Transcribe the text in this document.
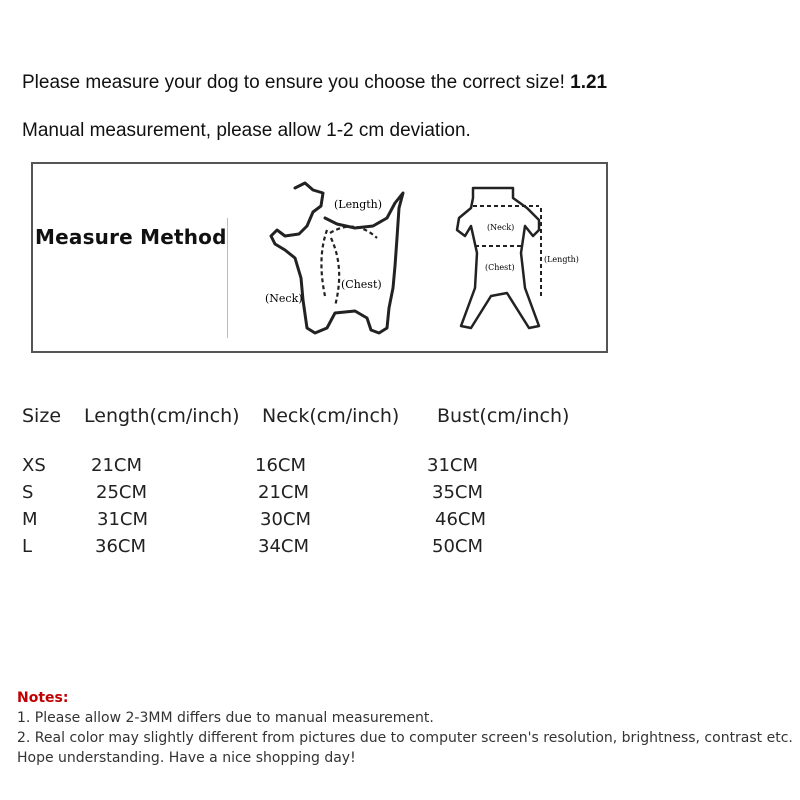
Please measure your dog to ensure you choose the correct size! 1.21
Manual measurement, please allow 1-2 cm deviation.
Measure Method
(Length)
(Chest)
(Neck)
(Neck)
(Chest)
(Length)
Size Length(cm/inch) Neck(cm/inch) Bust(cm/inch)
XS	21CM	16CM	31CM
S	25CM	21CM	35CM
M	31CM	30CM	46CM
L	36CM	34CM	50CM
Notes:
1. Please allow 2-3MM differs due to manual measurement.
2. Real color may slightly different from pictures due to computer screen's resolution, brightness, contrast etc.
Hope understanding. Have a nice shopping day!
